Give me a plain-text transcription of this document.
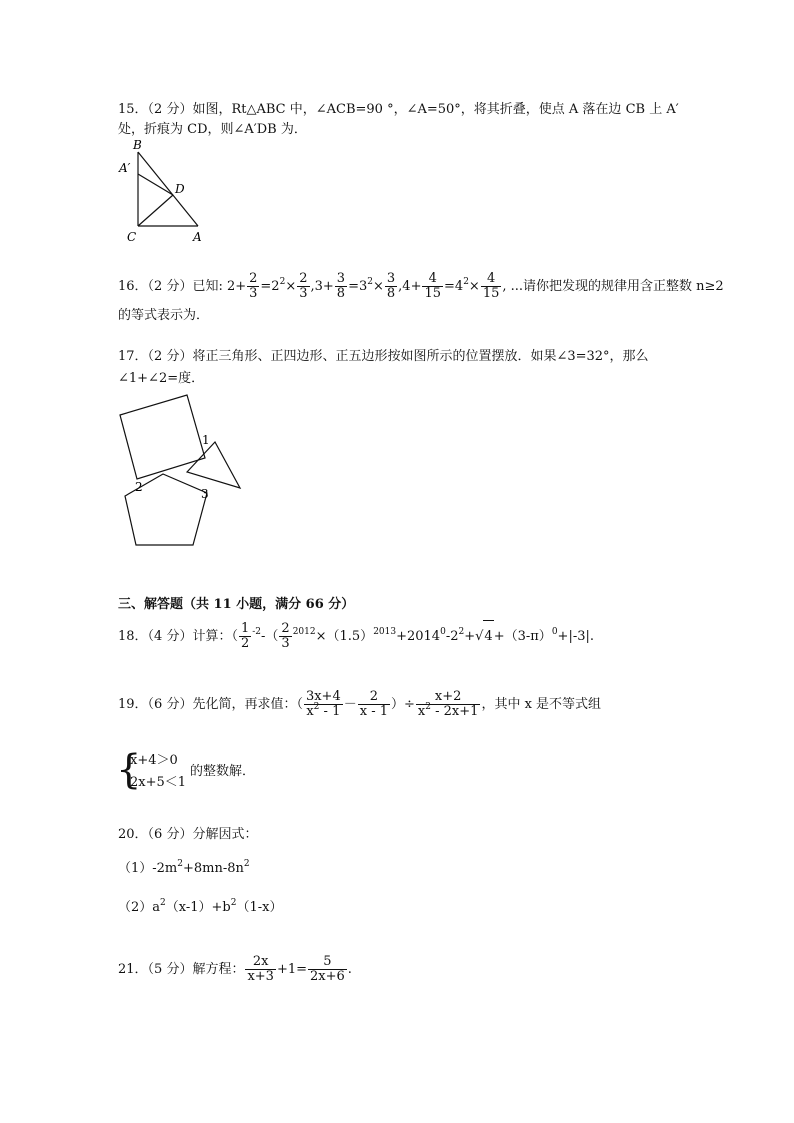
15．（2 分）如图，Rt△ABC 中，∠ACB=90 °，∠A=50°，将其折叠，使点 A 落在边 CB 上 A′
处，折痕为 CD，则∠A′DB 为．
B
A′
D
C	A
16．（2 分）已知: $2+ \frac{2}{3} =2^2\times \frac{2}{3} ,3+ \frac{3}{8} =3^2\times \frac{3}{8} ,4+ \frac{4}{15} =4^2\times \frac{4}{15}$ , ...请你把发现的规律用含正整数 n≥2
的等式表示为．
17．（2 分）将正三角形、正四边形、正五边形按如图所示的位置摆放．如果∠3=32°，那么
∠1+∠2=度．
1
2	3
三、解答题（共 11 小题，满分 66 分）
18．（4 分）计算：（ $\frac{1}{2} ^{-2}-( \frac{2}{3} ^{2012}\times(1.5)^{2013}+2014^0-2^2+√4+(3-\pi)^0+|-3|$.
19．（6 分）先化简，再求值：（ $\frac{3x+4}{x^2 - 1} - \frac{2}{x - 1}$ ）÷ $\frac{x+2}{x^2 - 2x+1}$ ，其中 x 是不等式组
{
x+4＞0
2x+5＜1
的整数解．
20．（6 分）分解因式：
$(1)-2m^2+8mn-8n^2$
$(2)a^2(x-1)+b^2(1-x)$
21．（5 分）解方程： $\frac{2x}{x+3} +1= \frac{5}{2x+6}$ .
